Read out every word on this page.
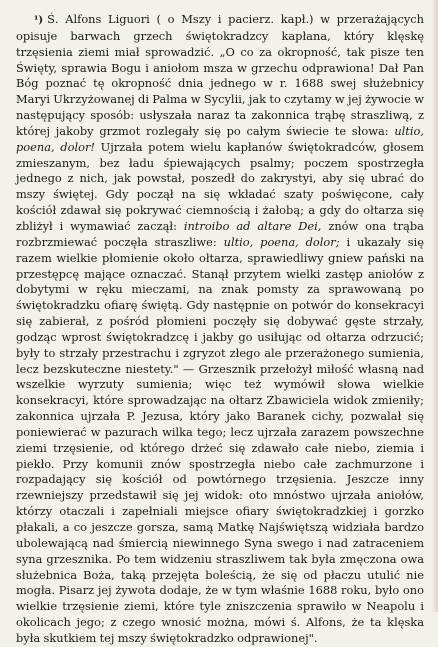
¹) Ś. Alfons Liguori ( o Mszy i pacierz. kapł.) w przerażających opisuje barwach grzech świętokradzcy kapłana, który klęskę trzęsienia ziemi miał sprowadzić. „O co za okropność, tak pisze ten Święty, sprawia Bogu i aniołom msza w grzechu odprawiona! Dał Pan Bóg poznać tę okropność dnia jednego w r. 1688 swej służebnicy Maryi Ukrzyżowanej di Palma w Sycylii, jak to czytamy w jej żywocie w następujący sposób: usłyszała naraz ta zakonnica trąbę straszliwą, z której jakoby grzmot rozlegały się po całym świecie te słowa: ultio, poena, dolor! Ujrzała potem wielu kapłanów świętokradców, głosem zmieszanym, bez ładu śpiewających psalmy; poczem spostrzegła jednego z nich, jak powstał, poszedł do zakrystyi, aby się ubrać do mszy świętej. Gdy począł na się wkładać szaty poświęcone, cały kościół zdawał się pokrywać ciemnością i żałobą; a gdy do ołtarza się zbliżył i wymawiać zaczął: introibo ad altare Dei, znów ona trąba rozbrzmiewać poczęła straszliwe: ultio, poena, dolor; i ukazały się razem wielkie płomienie około ołtarza, sprawiedliwy gniew pański na przestępcę mające oznaczać. Stanął przytem wielki zastęp aniołów z dobytymi w ręku mieczami, na znak pomsty za sprawowaną po świętokradzku ofiarę świętą. Gdy następnie on potwór do konsekracyi się zabierał, z pośród płomieni poczęły się dobywać gęste strzały, godząc wprost świętokradzcę i jakby go usiłując od ołtarza odrzucić; były to strzały przestrachu i zgryzot złego ale przerażonego sumienia, lecz bezskuteczne niestety." — Grzesznik przełożył miłość własną nad wszelkie wyrzuty sumienia; więc też wymówił słowa wielkie konsekracyi, które sprowadzając na ołtarz Zbawiciela widok zmieniły; zakonnica ujrzała P. Jezusa, który jako Baranek cichy, pozwalał się poniewierać w pazurach wilka tego; lecz ujrzała zarazem powszechne ziemi trzęsienie, od którego drżeć się zdawało całe niebo, ziemia i piekło. Przy komunii znów spostrzegła niebo całe zachmurzone i rozpadający się kościół od powtórnego trzęsienia. Jeszcze inny rzewniejszy przedstawił się jej widok: oto mnóstwo ujrzała aniołów, którzy otaczali i zapełniali miejsce ofiary świętokradzkiej i gorzko płakali, a co jeszcze gorsza, samą Matkę Najświętszą widziała bardzo ubolewającą nad śmiercią niewinnego Syna swego i nad zatraceniem syna grzesznika. Po tem widzeniu straszliwem tak była zmęczona owa służebnica Boża, taką przejęta boleścią, że się od płaczu utulić nie mogła. Pisarz jej żywota dodaje, że w tym właśnie 1688 roku, było ono wielkie trzęsienie ziemi, które tyle zniszczenia sprawiło w Neapolu i okolicach jego; z czego wnosić można, mówi ś. Alfons, że ta klęska była skutkiem tej mszy świętokradzko odprawionej".
